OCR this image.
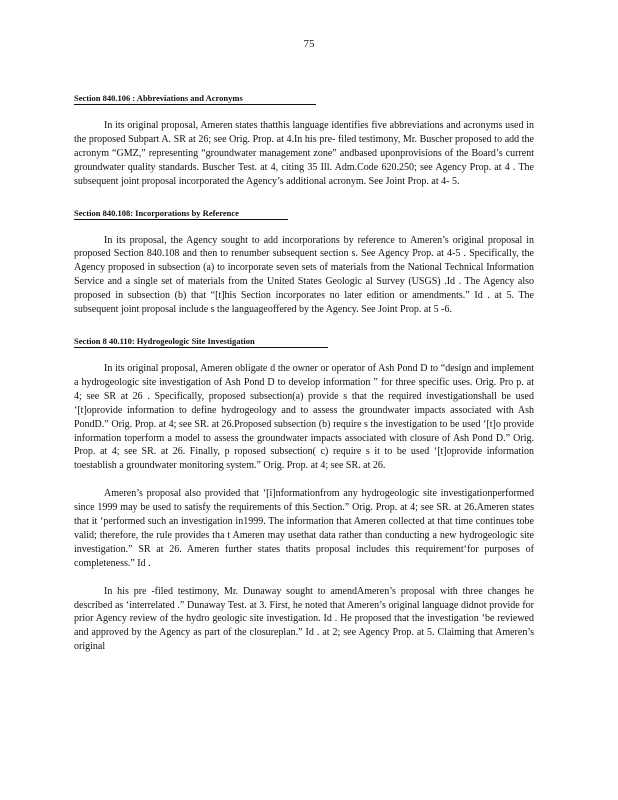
75
Section 840.106 : Abbreviations and Acronyms

In its original proposal, Ameren states thatthis language identifies five abbreviations and acronyms used in the proposed Subpart A. SR at 26; see Orig. Prop. at 4.In his pre- filed testimony, Mr. Buscher proposed to add the acronym “GMZ,” representing “groundwater management zone” andbased uponprovisions of the Board’s current groundwater quality standards. Buscher Test. at 4, citing 35 Ill. Adm.Code 620.250; see Agency Prop. at 4 . The subsequent joint proposal incorporated the Agency’s additional acronym. See Joint Prop. at 4- 5.

Section 840.108: Incorporations by Reference

In its proposal, the Agency sought to add incorporations by reference to Ameren’s original proposal in proposed Section 840.108 and then to renumber subsequent section s. See Agency Prop. at 4-5 . Specifically, the Agency proposed in subsection (a) to incorporate seven sets of materials from the National Technical Information Service and a single set of materials from the United States Geologic al Survey (USGS) .Id . The Agency also proposed in subsection (b) that “[t]his Section incorporates no later edition or amendments.” Id . at 5. The subsequent joint proposal include s the languageoffered by the Agency. See Joint Prop. at 5 -6.

Section 8 40.110: Hydrogeologic Site Investigation

In its original proposal, Ameren obligate d the owner or operator of Ash Pond D to “design and implement a hydrogeologic site investigation of Ash Pond D to develop information ” for three specific uses. Orig. Pro p. at 4; see SR at 26 . Specifically, proposed subsection(a) provide s that the required investigationshall be used ‘[t]oprovide information to define hydrogeology and to assess the groundwater impacts associated with Ash PondD.” Orig. Prop. at 4; see SR. at 26.Proposed subsection (b) require s the investigation to be used ‘[t]o provide information toperform a model to assess the groundwater impacts associated with closure of Ash Pond D.” Orig. Prop. at 4; see SR. at 26. Finally, p roposed subsection( c) require s it to be used ‘[t]oprovide information toestablish a groundwater monitoring system.” Orig. Prop. at 4; see SR. at 26.

Ameren’s proposal also provided that ‘[i]nformationfrom any hydrogeologic site investigationperformed since 1999 may be used to satisfy the requirements of this Section.” Orig. Prop. at 4; see SR. at 26.Ameren states that it ‘performed such an investigation in1999. The information that Ameren collected at that time continues tobe valid; therefore, the rule provides tha t Ameren may usethat data rather than conducting a new hydrogeologic site investigation.” SR at 26. Ameren further states thatits proposal includes this requirement‘for purposes of completeness.” Id .

In his pre -filed testimony, Mr. Dunaway sought to amendAmeren’s proposal with three changes he described as ‘interrelated .” Dunaway Test. at 3. First, he noted that Ameren’s original language didnot provide for prior Agency review of the hydro geologic site investigation. Id . He proposed that the investigation ‘be reviewed and approved by the Agency as part of the closureplan.” Id . at 2; see Agency Prop. at 5. Claiming that Ameren’s original
